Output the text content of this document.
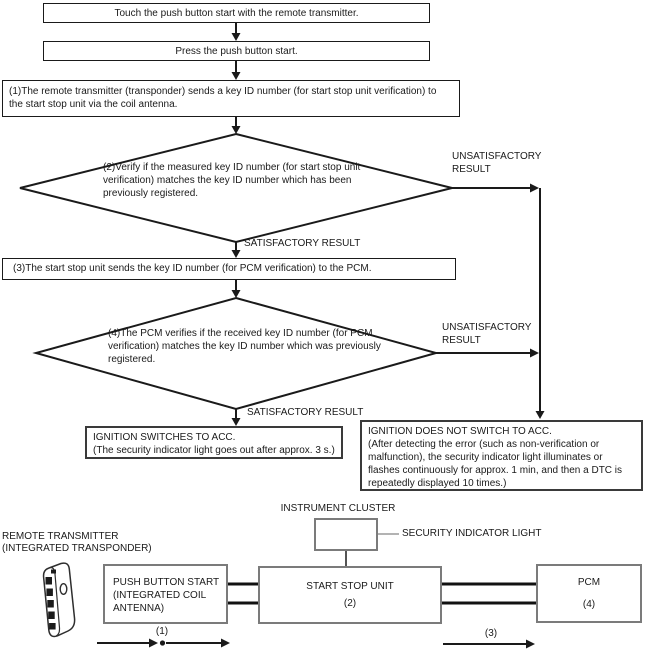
Touch the push button start with the remote transmitter.
Press the push button start.
(1)The remote transmitter (transponder) sends a key ID number (for start stop unit verification) to the start stop unit via the coil antenna.
(2)Verify if the measured key ID number (for start stop unit verification) matches the key ID number which has been previously registered.
UNSATISFACTORY RESULT
SATISFACTORY RESULT
(3)The start stop unit sends the key ID number (for PCM verification) to the PCM.
(4)The PCM verifies if the received key ID number (for PCM verification) matches the key ID number which was previously registered.
UNSATISFACTORY RESULT
SATISFACTORY RESULT
IGNITION SWITCHES TO ACC.
(The security indicator light goes out after approx. 3 s.)
IGNITION DOES NOT SWITCH TO ACC.
(After detecting the error (such as non-verification or malfunction), the security indicator light illuminates or flashes continuously for approx. 1 min, and then a DTC is repeatedly displayed 10 times.)
INSTRUMENT CLUSTER
SECURITY INDICATOR LIGHT
REMOTE TRANSMITTER
(INTEGRATED TRANSPONDER)
PUSH BUTTON START
(INTEGRATED COIL
ANTENNA)
START STOP UNIT
(2)
PCM
(4)
(1)	(3)
